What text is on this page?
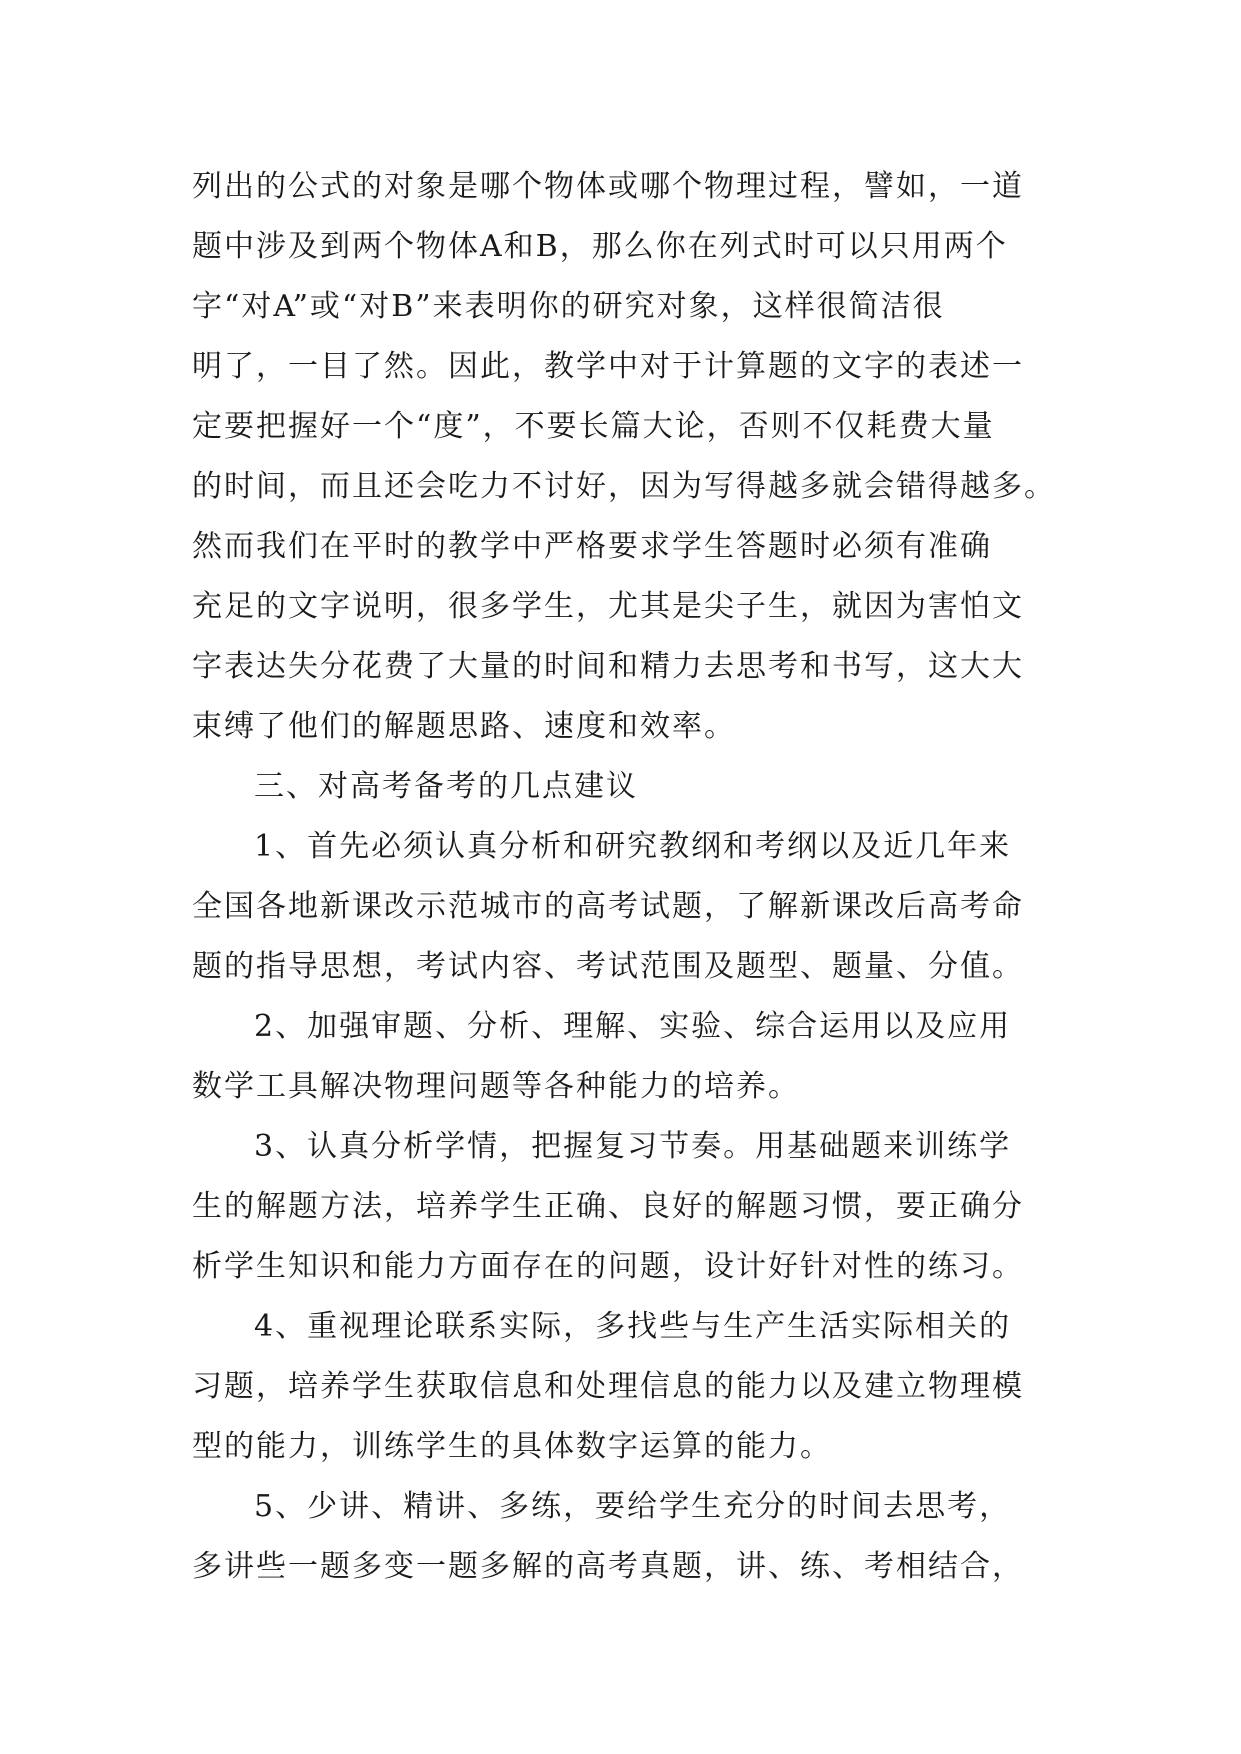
列出的公式的对象是哪个物体或哪个物理过程，譬如，一道
题中涉及到两个物体A和B，那么你在列式时可以只用两个
字“对A”或“对B”来表明你的研究对象，这样很简洁很
明了，一目了然。因此，教学中对于计算题的文字的表述一
定要把握好一个“度”，不要长篇大论，否则不仅耗费大量
的时间，而且还会吃力不讨好，因为写得越多就会错得越多。
然而我们在平时的教学中严格要求学生答题时必须有准确
充足的文字说明，很多学生，尤其是尖子生，就因为害怕文
字表达失分花费了大量的时间和精力去思考和书写，这大大
束缚了他们的解题思路、速度和效率。
三、对高考备考的几点建议
1、首先必须认真分析和研究教纲和考纲以及近几年来
全国各地新课改示范城市的高考试题，了解新课改后高考命
题的指导思想，考试内容、考试范围及题型、题量、分值。
2、加强审题、分析、理解、实验、综合运用以及应用
数学工具解决物理问题等各种能力的培养。
3、认真分析学情，把握复习节奏。用基础题来训练学
生的解题方法，培养学生正确、良好的解题习惯，要正确分
析学生知识和能力方面存在的问题，设计好针对性的练习。
4、重视理论联系实际，多找些与生产生活实际相关的
习题，培养学生获取信息和处理信息的能力以及建立物理模
型的能力，训练学生的具体数字运算的能力。
5、少讲、精讲、多练，要给学生充分的时间去思考，
多讲些一题多变一题多解的高考真题，讲、练、考相结合，
